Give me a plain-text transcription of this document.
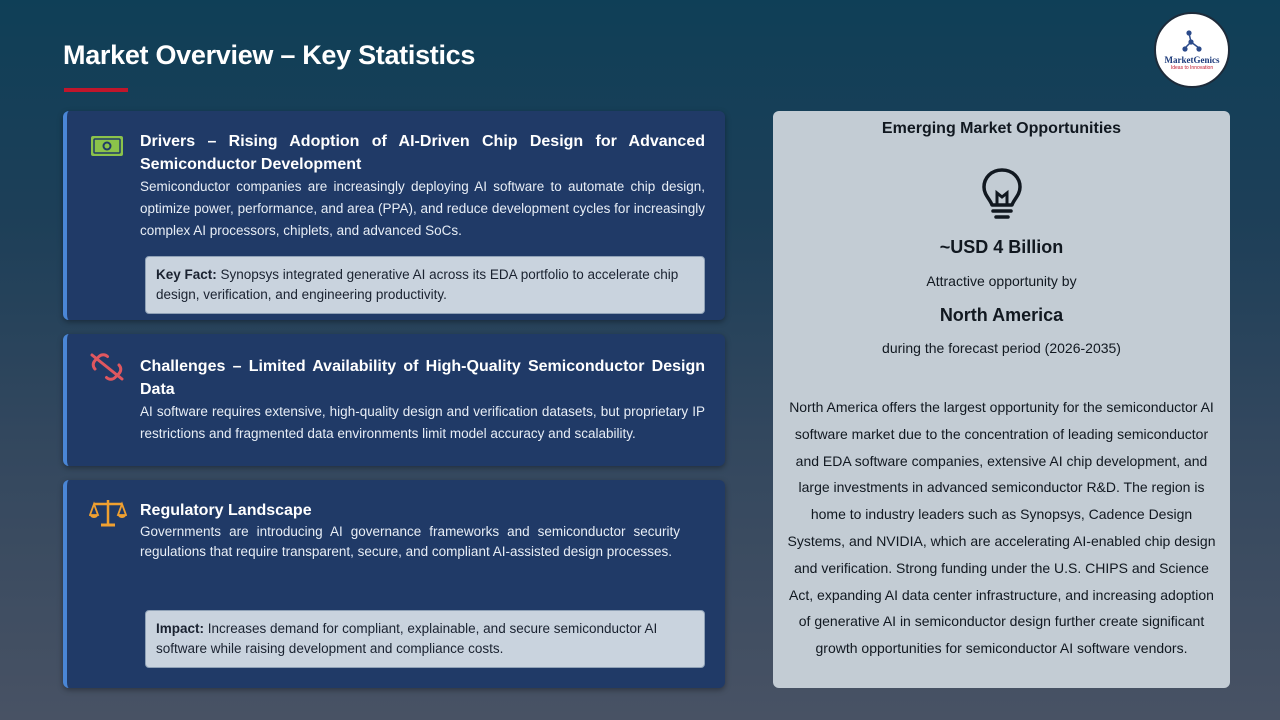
Market Overview – Key Statistics	MarketGenics
Ideas to Innovation
Drivers – Rising Adoption of AI-Driven Chip Design for Advanced Semiconductor Development
Semiconductor companies are increasingly deploying AI software to automate chip design, optimize power, performance, and area (PPA), and reduce development cycles for increasingly complex AI processors, chiplets, and advanced SoCs.
Key Fact: Synopsys integrated generative AI across its EDA portfolio to accelerate chip design, verification, and engineering productivity.
Challenges – Limited Availability of High-Quality Semiconductor Design Data
AI software requires extensive, high-quality design and verification datasets, but proprietary IP restrictions and fragmented data environments limit model accuracy and scalability.
Regulatory Landscape
Governments are introducing AI governance frameworks and semiconductor security regulations that require transparent, secure, and compliant AI-assisted design processes.
Impact: Increases demand for compliant, explainable, and secure semiconductor AI software while raising development and compliance costs.
Emerging Market Opportunities
~USD 4 Billion
Attractive opportunity by
North America
during the forecast period (2026-2035)
North America offers the largest opportunity for the semiconductor AI software market due to the concentration of leading semiconductor and EDA software companies, extensive AI chip development, and large investments in advanced semiconductor R&D. The region is home to industry leaders such as Synopsys, Cadence Design Systems, and NVIDIA, which are accelerating AI-enabled chip design and verification. Strong funding under the U.S. CHIPS and Science Act, expanding AI data center infrastructure, and increasing adoption of generative AI in semiconductor design further create significant growth opportunities for semiconductor AI software vendors.
